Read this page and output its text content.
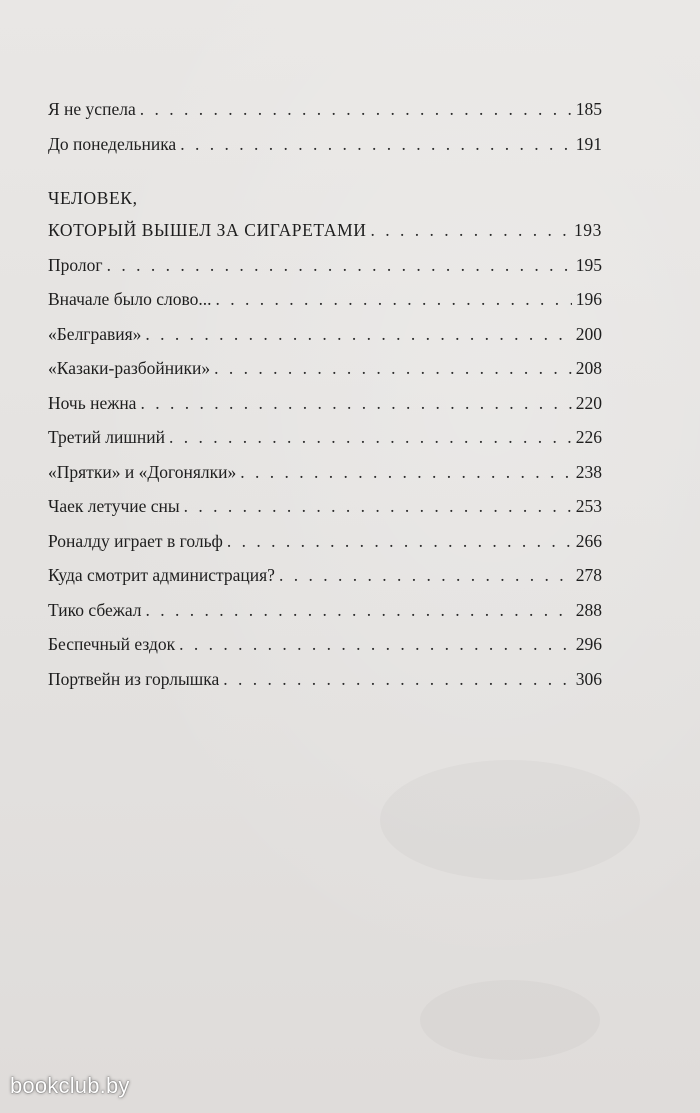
Я не успела . . .	185
До понедельника . . .	191
ЧЕЛОВЕК,
КОТОРЫЙ ВЫШЕЛ ЗА СИГАРЕТАМИ . . .	193
Пролог . . .	195
Вначале было слово... . . .	196
«Белгравия» . . .	200
«Казаки-разбойники» . . .	208
Ночь нежна . . .	220
Третий лишний . . .	226
«Прятки» и «Догонялки» . . .	238
Чаек летучие сны . . .	253
Роналду играет в гольф . . .	266
Куда смотрит администрация? . . .	278
Тико сбежал . . .	288
Беспечный ездок . . .	296
Портвейн из горлышка . . .	306
bookclub.by
